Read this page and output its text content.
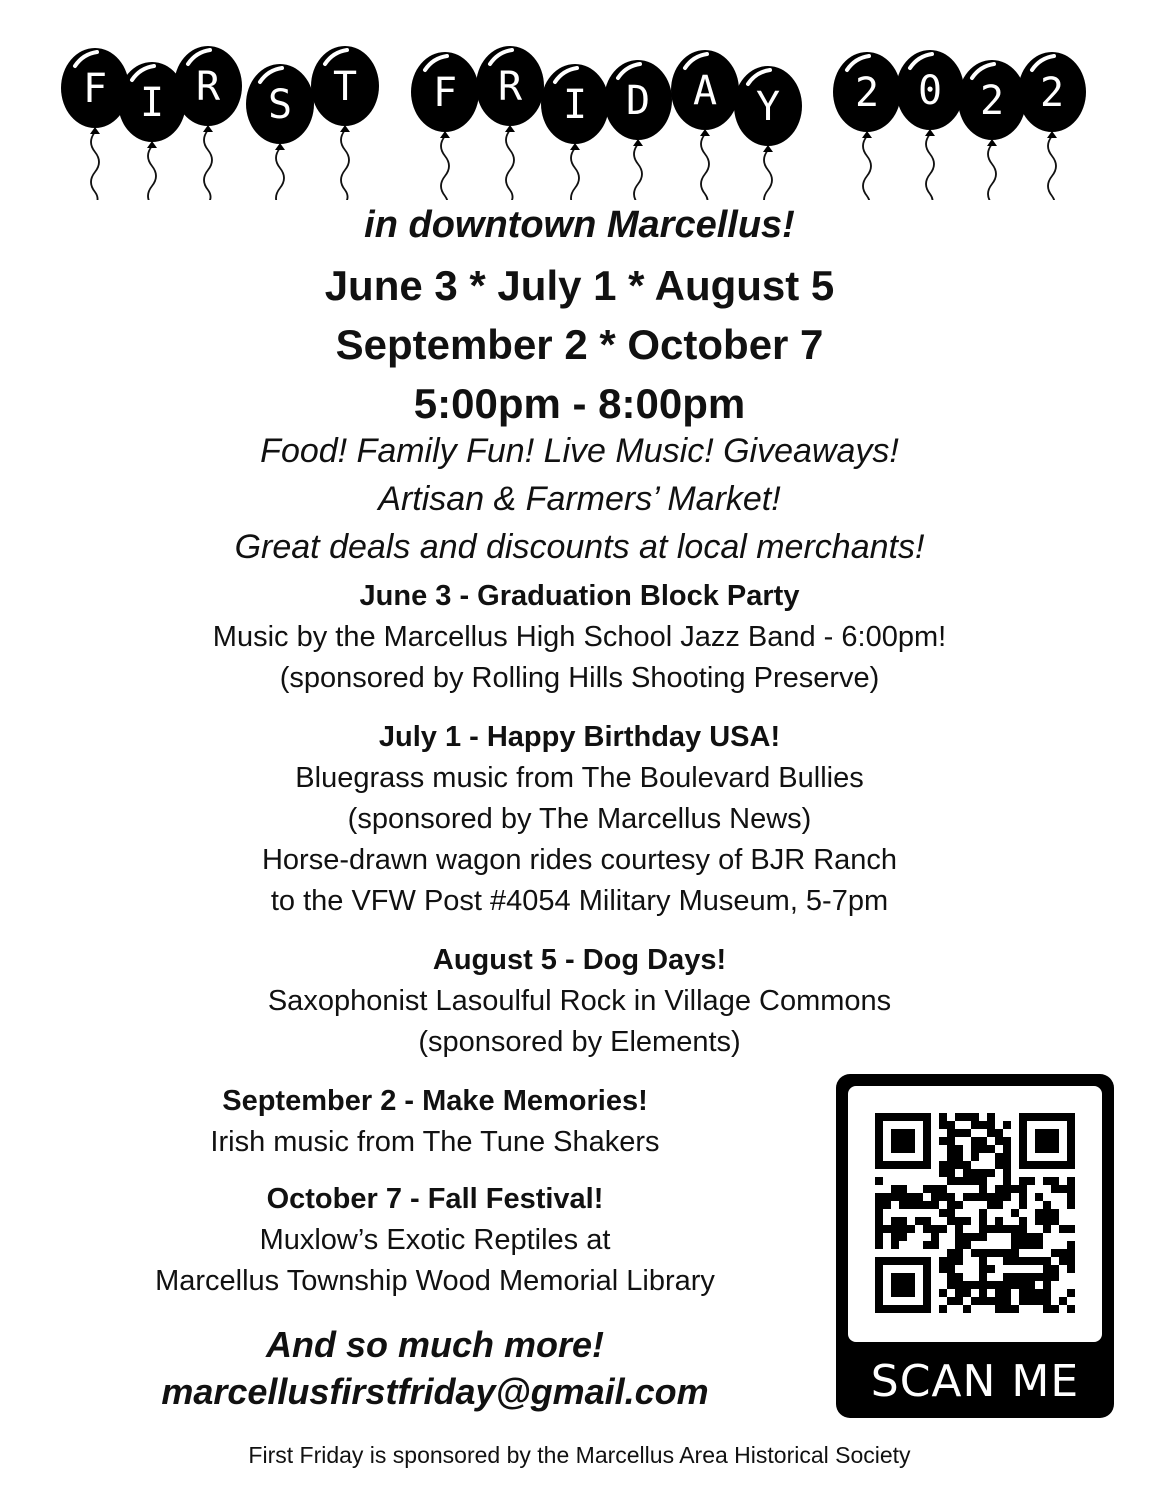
F I R S T F R I D A Y 2 0 2 2
in downtown Marcellus!
June 3 * July 1 * August 5
September 2 * October 7
5:00pm - 8:00pm
Food! Family Fun! Live Music! Giveaways!
Artisan & Farmers’ Market!
Great deals and discounts at local merchants!
June 3 - Graduation Block Party
Music by the Marcellus High School Jazz Band - 6:00pm!
(sponsored by Rolling Hills Shooting Preserve)
July 1 - Happy Birthday USA!
Bluegrass music from The Boulevard Bullies
(sponsored by The Marcellus News)
Horse-drawn wagon rides courtesy of BJR Ranch
to the VFW Post #4054 Military Museum, 5-7pm
August 5 - Dog Days!
Saxophonist Lasoulful Rock in Village Commons
(sponsored by Elements)
September 2 - Make Memories!
Irish music from The Tune Shakers
October 7 - Fall Festival!
Muxlow’s Exotic Reptiles at
Marcellus Township Wood Memorial Library
And so much more!
marcellusfirstfriday@gmail.com	SCAN ME
First Friday is sponsored by the Marcellus Area Historical Society
